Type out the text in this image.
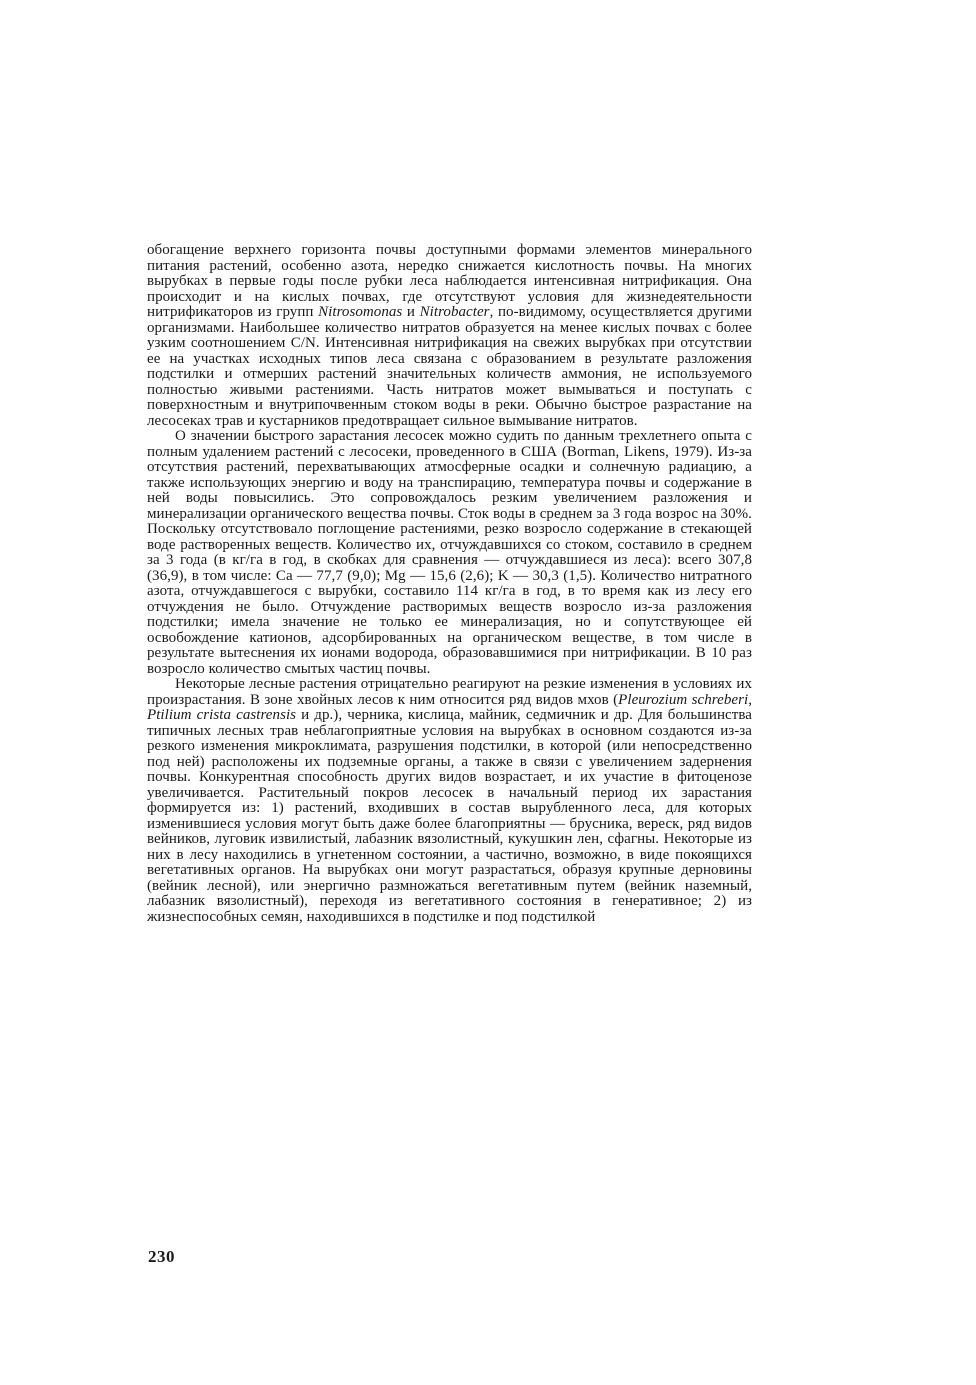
обогащение верхнего горизонта почвы доступными формами элементов минерального питания растений, особенно азота, нередко снижается кислотность почвы. На многих вырубках в первые годы после рубки леса наблюдается интенсивная нитрификация. Она происходит и на кислых почвах, где отсутствуют условия для жизнедеятельности нитрификаторов из групп Nitrosomonas и Nitrobacter, по-видимому, осуществляется другими организмами. Наибольшее количество нитратов образуется на менее кислых почвах с более узким соотношением C/N. Интенсивная нитрификация на свежих вырубках при отсутствии ее на участках исходных типов леса связана с образованием в результате разложения подстилки и отмерших растений значительных количеств аммония, не используемого полностью живыми растениями. Часть нитратов может вымываться и поступать с поверхностным и внутрипочвенным стоком воды в реки. Обычно быстрое разрастание на лесосеках трав и кустарников предотвращает сильное вымывание нитратов.

О значении быстрого зарастания лесосек можно судить по данным трехлетнего опыта с полным удалением растений с лесосеки, проведенного в США (Borman, Likens, 1979). Из-за отсутствия растений, перехватывающих атмосферные осадки и солнечную радиацию, а также использующих энергию и воду на транспирацию, температура почвы и содержание в ней воды повысились. Это сопровождалось резким увеличением разложения и минерализации органического вещества почвы. Сток воды в среднем за 3 года возрос на 30%. Поскольку отсутствовало поглощение растениями, резко возросло содержание в стекающей воде растворенных веществ. Количество их, отчуждавшихся со стоком, составило в среднем за 3 года (в кг/га в год, в скобках для сравнения — отчуждавшиеся из леса): всего 307,8 (36,9), в том числе: Ca — 77,7 (9,0); Mg — 15,6 (2,6); K — 30,3 (1,5). Количество нитратного азота, отчуждавшегося с вырубки, составило 114 кг/га в год, в то время как из лесу его отчуждения не было. Отчуждение растворимых веществ возросло из-за разложения подстилки; имела значение не только ее минерализация, но и сопутствующее ей освобождение катионов, адсорбированных на органическом веществе, в том числе в результате вытеснения их ионами водорода, образовавшимися при нитрификации. В 10 раз возросло количество смытых частиц почвы.

Некоторые лесные растения отрицательно реагируют на резкие изменения в условиях их произрастания. В зоне хвойных лесов к ним относится ряд видов мхов (Pleurozium schreberi, Ptilium crista castrensis и др.), черника, кислица, майник, седмичник и др. Для большинства типичных лесных трав неблагоприятные условия на вырубках в основном создаются из-за резкого изменения микроклимата, разрушения подстилки, в которой (или непосредственно под ней) расположены их подземные органы, а также в связи с увеличением задернения почвы. Конкурентная способность других видов возрастает, и их участие в фитоценозе увеличивается. Растительный покров лесосек в начальный период их зарастания формируется из: 1) растений, входивших в состав вырубленного леса, для которых изменившиеся условия могут быть даже более благоприятны — брусника, вереск, ряд видов вейников, луговик извилистый, лабазник вязолистный, кукушкин лен, сфагны. Некоторые из них в лесу находились в угнетенном состоянии, а частично, возможно, в виде покоящихся вегетативных органов. На вырубках они могут разрастаться, образуя крупные дерновины (вейник лесной), или энергично размножаться вегетативным путем (вейник наземный, лабазник вязолистный), переходя из вегетативного состояния в генеративное; 2) из жизнеспособных семян, находившихся в подстилке и под подстилкой

230
